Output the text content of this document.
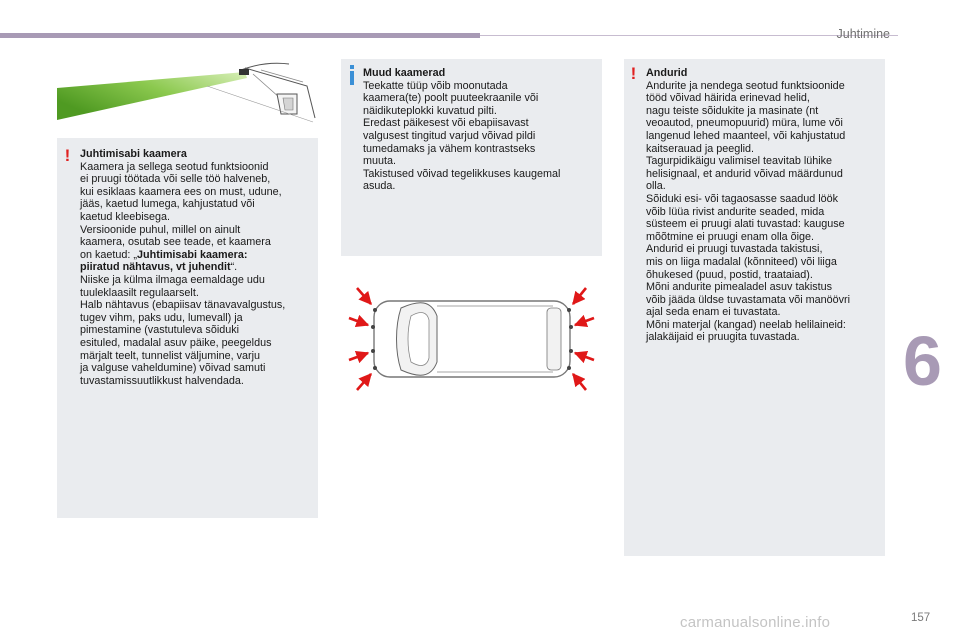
Juhtimine
! Juhtimisabi kaamera
Kaamera ja sellega seotud funktsioonid
ei pruugi töötada või selle töö halveneb,
kui esiklaas kaamera ees on must, udune,
jääs, kaetud lumega, kahjustatud või
kaetud kleebisega.
Versioonide puhul, millel on ainult
kaamera, osutab see teade, et kaamera
on kaetud: „Juhtimisabi kaamera:
piiratud nähtavus, vt juhendit“.
Niiske ja külma ilmaga eemaldage udu
tuuleklaasilt regulaarselt.
Halb nähtavus (ebapiisav tänavavalgustus,
tugev vihm, paks udu, lumevall) ja
pimestamine (vastutuleva sõiduki
esituled, madalal asuv päike, peegeldus
märjalt teelt, tunnelist väljumine, varju
ja valguse vaheldumine) võivad samuti
tuvastamissuutlikkust halvendada.
Muud kaamerad
Teekatte tüüp võib moonutada
kaamera(te) poolt puuteekraanile või
näidikuteplokki kuvatud pilti.
Eredast päikesest või ebapiisavast
valgusest tingitud varjud võivad pildi
tumedamaks ja vähem kontrastseks
muuta.
Takistused võivad tegelikkuses kaugemal
asuda.
! Andurid
Andurite ja nendega seotud funktsioonide
tööd võivad häirida erinevad helid,
nagu teiste sõidukite ja masinate (nt
veoautod, pneumopuurid) müra, lume või
langenud lehed maanteel, või kahjustatud
kaitserauad ja peeglid.
Tagurpidikäigu valimisel teavitab lühike
helisignaal, et andurid võivad määrdunud
olla.
Sõiduki esi- või tagaosasse saadud löök
võib lüüa rivist andurite seaded, mida
süsteem ei pruugi alati tuvastad: kauguse
mõõtmine ei pruugi enam olla õige.
Andurid ei pruugi tuvastada takistusi,
mis on liiga madalal (kõnniteed) või liiga
õhukesed (puud, postid, traataiad).
Mõni andurite pimealadel asuv takistus
võib jääda üldse tuvastamata või manöövri
ajal seda enam ei tuvastata.
Mõni materjal (kangad) neelab helilaineid:
jalakäijaid ei pruugita tuvastada.	6
carmanualsonline.info	157
